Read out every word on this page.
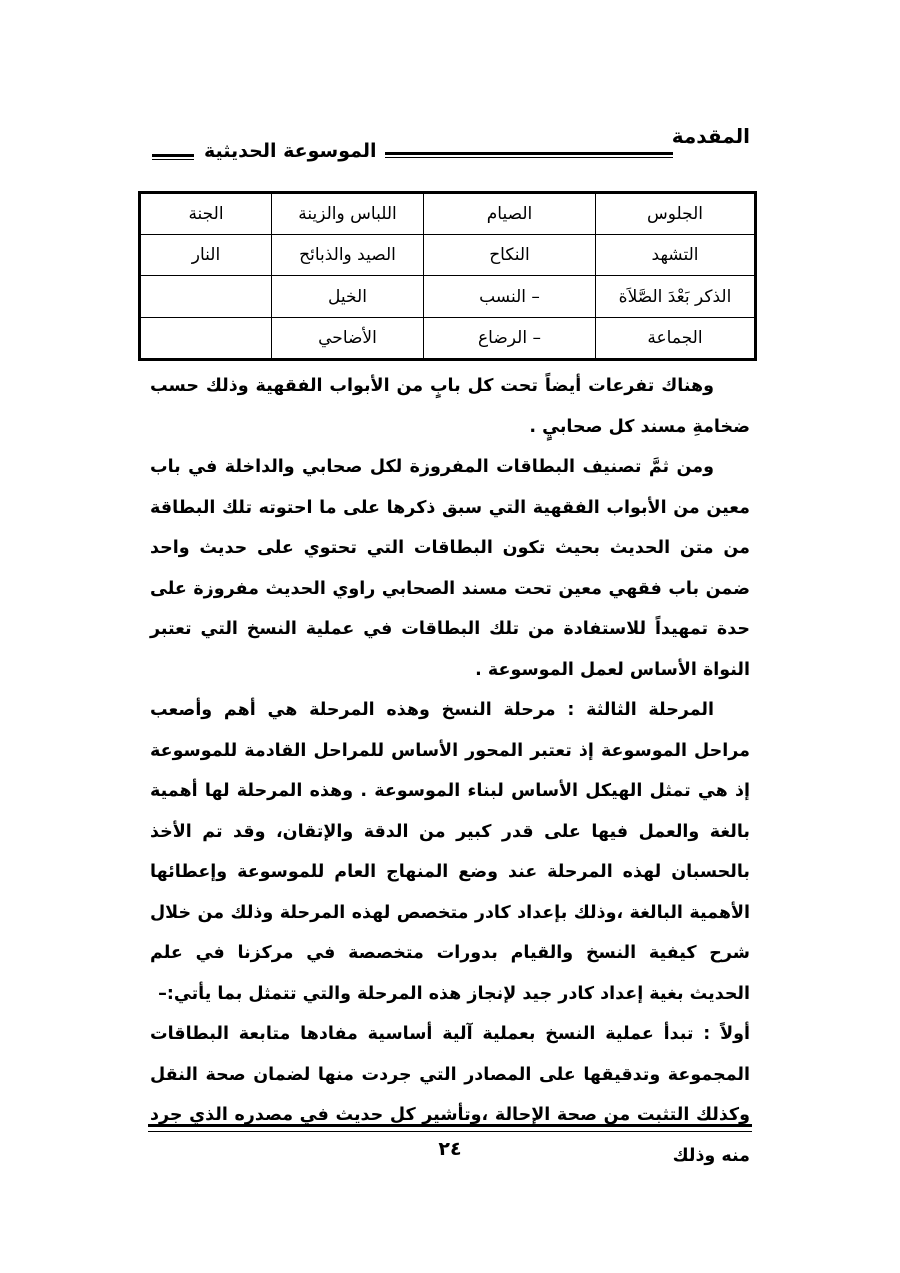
الموسوعة الحديثية
المقدمة
الجلوس	الصيام	اللباس والزينة	الجنة
التشهد	النكاح	الصيد والذبائح	النار
الذكر بَعْدَ الصَّلاَة	– النسب	الخيل	
الجماعة	– الرضاع	الأضاحي	

وهناك تفرعات أيضاً تحت كل بابٍ من الأبواب الفقهية وذلك حسب ضخامةِ مسند كل صحابيٍ .

ومن ثمَّ تصنيف البطاقات المفروزة لكل صحابي والداخلة في باب معين من الأبواب الفقهية التي سبق ذكرها على ما احتوته تلك البطاقة من متن الحديث بحيث تكون البطاقات التي تحتوي على حديث واحد ضمن باب فقهي معين تحت مسند الصحابي راوي الحديث مفروزة على حدة تمهيداً للاستفادة من تلك البطاقات في عملية النسخ التي تعتبر النواة الأساس لعمل الموسوعة .

المرحلة الثالثة : مرحلة النسخ وهذه المرحلة هي أهم وأصعب مراحل الموسوعة إذ تعتبر المحور الأساس للمراحل القادمة للموسوعة إذ هي تمثل الهيكل الأساس لبناء الموسوعة . وهذه المرحلة لها أهمية بالغة والعمل فيها على قدر كبير من الدقة والإتقان، وقد تم الأخذ بالحسبان لهذه المرحلة عند وضع المنهاج العام للموسوعة وإعطائها الأهمية البالغة ،وذلك بإعداد كادر متخصص لهذه المرحلة وذلك من خلال شرح كيفية النسخ والقيام بدورات متخصصة في مركزنا في علم الحديث بغية إعداد كادر جيد لإنجاز هذه المرحلة والتي تتمثل بما يأتي:–

أولاً : تبدأ عملية النسخ بعملية آلية أساسية مفادها متابعة البطاقات المجموعة وتدقيقها على المصادر التي جردت منها لضمان صحة النقل وكذلك التثبت من صحة الإحالة ،وتأشير كل حديث في مصدره الذي جرد منه وذلك

٢٤
